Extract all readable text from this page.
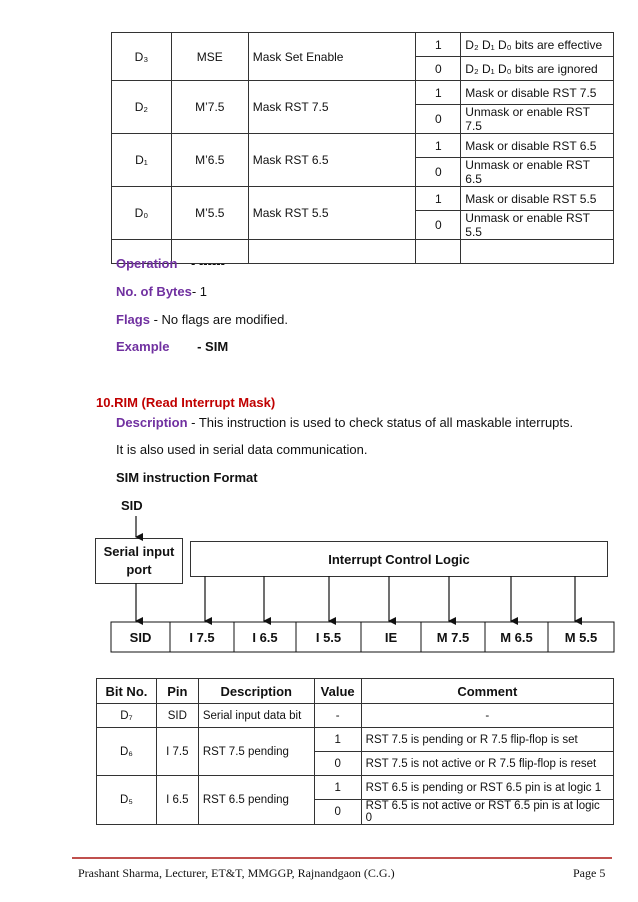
D₃	MSE	Mask Set Enable	1	D₂ D₁ D₀ bits are effective
			0	D₂ D₁ D₀ bits are ignored
D₂	M’7.5	Mask RST 7.5	1	Mask or disable RST 7.5
			0	Unmask or enable RST 7.5
D₁	M’6.5	Mask RST 6.5	1	Mask or disable RST 6.5
			0	Unmask or enable RST 6.5
D₀	M’5.5	Mask RST 5.5	1	Mask or disable RST 5.5
			0	Unmask or enable RST 5.5

Operation - ------
No. of Bytes- 1
Flags - No flags are modified.
Example - SIM
10.RIM (Read Interrupt Mask)
Description - This instruction is used to check status of all maskable interrupts.
It is also used in serial data communication.
SIM instruction Format
SID
Serial input
port
Interrupt Control Logic
SID	I 7.5	I 6.5	I 5.5	IE	M 7.5	M 6.5	M 5.5
Bit No.	Pin	Description	Value	Comment
D₇	SID	Serial input data bit	-	-
D₆	I 7.5	RST 7.5 pending	1	RST 7.5 is pending or R 7.5 flip-flop is set
			0	RST 7.5 is not active or R 7.5 flip-flop is reset
D₅	I 6.5	RST 6.5 pending	1	RST 6.5 is pending or RST 6.5 pin is at logic 1
			0	RST 6.5 is not active or RST 6.5 pin is at logic 0
Prashant Sharma, Lecturer, ET&T, MMGGP, Rajnandgaon (C.G.)	Page 5
